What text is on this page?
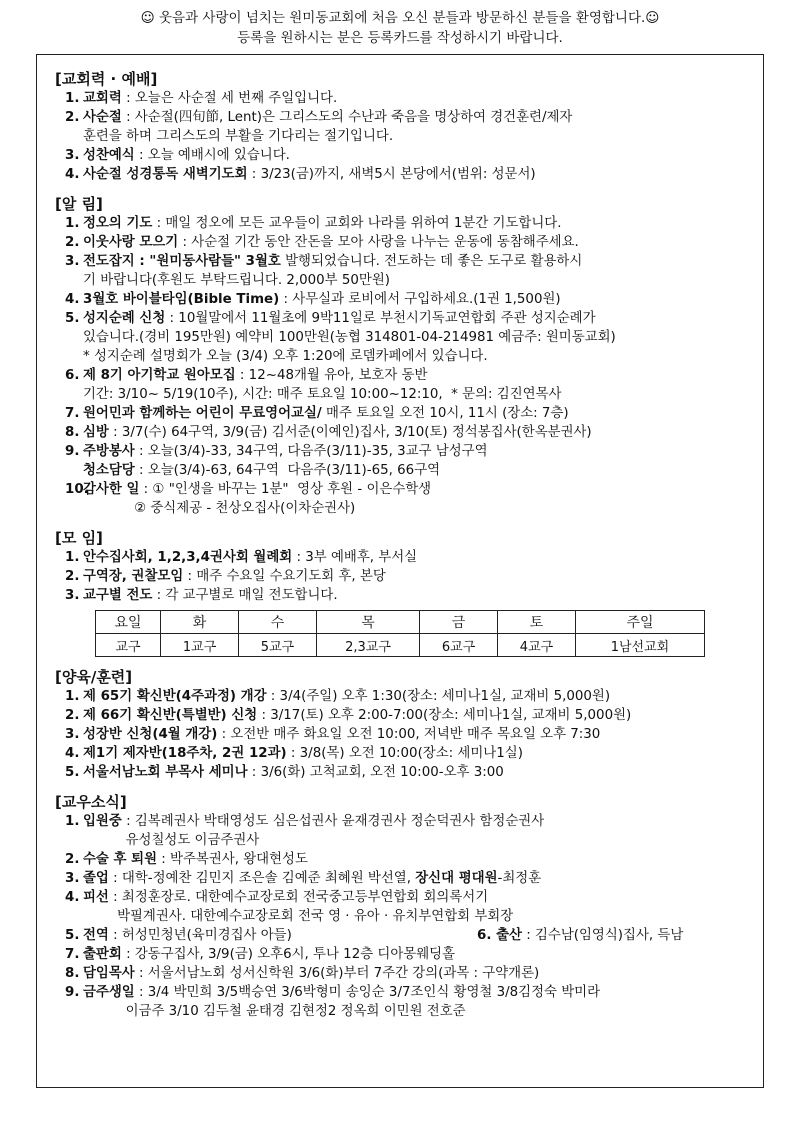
☺ 웃음과 사랑이 넘치는 원미동교회에 처음 오신 분들과 방문하신 분들을 환영합니다.☺
등록을 원하시는 분은 등록카드를 작성하시기 바랍니다.
[교회력 · 예배]
1. 교회력 : 오늘은 사순절 세 번째 주일입니다.
2. 사순절 : 사순절(四旬節, Lent)은 그리스도의 수난과 죽음을 명상하여 경건훈련/제자
훈련을 하며 그리스도의 부활을 기다리는 절기입니다.
3. 성찬예식 : 오늘 예배시에 있습니다.
4. 사순절 성경통독 새벽기도회 : 3/23(금)까지, 새벽5시 본당에서(범위: 성문서)
[알 림]
1. 정오의 기도 : 매일 정오에 모든 교우들이 교회와 나라를 위하여 1분간 기도합니다.
2. 이웃사랑 모으기 : 사순절 기간 동안 잔돈을 모아 사랑을 나누는 운동에 동참해주세요.
3. 전도잡지 : "원미동사람들" 3월호 발행되었습니다. 전도하는 데 좋은 도구로 활용하시
기 바랍니다(후원도 부탁드립니다. 2,000부 50만원)
4. 3월호 바이블타임(Bible Time) : 사무실과 로비에서 구입하세요.(1권 1,500원)
5. 성지순례 신청 : 10월말에서 11월초에 9박11일로 부천시기독교연합회 주관 성지순례가
있습니다.(경비 195만원) 예약비 100만원(농협 314801-04-214981 예금주: 원미동교회)
* 성지순례 설명회가 오늘 (3/4) 오후 1:20에 로뎀카페에서 있습니다.
6. 제 8기 아기학교 원아모집 : 12~48개월 유아, 보호자 동반
기간: 3/10~ 5/19(10주), 시간: 매주 토요일 10:00~12:10,  * 문의: 김진연목사
7. 원어민과 함께하는 어린이 무료영어교실/ 매주 토요일 오전 10시, 11시 (장소: 7층)
8. 심방 : 3/7(수) 64구역, 3/9(금) 김서준(이예인)집사, 3/10(토) 정석봉집사(한옥분권사)
9. 주방봉사 : 오늘(3/4)-33, 34구역, 다음주(3/11)-35, 3교구 남성구역
청소담당 : 오늘(3/4)-63, 64구역  다음주(3/11)-65, 66구역
10.
감사한 일 : ① "인생을 바꾸는 1분"  영상 후원 - 이은수학생
② 중식제공 - 천상오집사(이차순권사)
[모 임]
1. 안수집사회, 1,2,3,4권사회 월례회 : 3부 예배후, 부서실
2. 구역장, 권찰모임 : 매주 수요일 수요기도회 후, 본당
3. 교구별 전도 : 각 교구별로 매일 전도합니다.
요일	화	수	목	금	토	주일
교구	1교구	5교구	2,3교구	6교구	4교구	1남선교회
[양육/훈련]
1. 제 65기 확신반(4주과정) 개강 : 3/4(주일) 오후 1:30(장소: 세미나1실, 교재비 5,000원)
2. 제 66기 확신반(특별반) 신청 : 3/17(토) 오후 2:00-7:00(장소: 세미나1실, 교재비 5,000원)
3. 성장반 신청(4월 개강) : 오전반 매주 화요일 오전 10:00, 저녁반 매주 목요일 오후 7:30
4. 제1기 제자반(18주차, 2권 12과) : 3/8(목) 오전 10:00(장소: 세미나1실)
5. 서울서남노회 부목사 세미나 : 3/6(화) 고척교회, 오전 10:00-오후 3:00
[교우소식]
1. 입원중 : 김복례권사 박태영성도 심은섭권사 윤재경권사 정순덕권사 함정순권사
유성칠성도 이금주권사
2. 수술 후 퇴원 : 박주복권사, 왕대현성도
3. 졸업 : 대학-정예찬 김민지 조은솔 김예준 최혜원 박선열, 장신대 평대원-최정훈
4. 피선 : 최정훈장로. 대한예수교장로회 전국중고등부연합회 회의록서기
박필계권사. 대한예수교장로회 전국 영 · 유아 · 유치부연합회 부회장
5. 전역 : 허성민청년(육미경집사 아들)	6. 출산 : 김수남(임영식)집사, 득남
7. 출판회 : 강동구집사, 3/9(금) 오후6시, 투나 12층 디아몽웨딩홀
8. 담임목사 : 서울서남노회 성서신학원 3/6(화)부터 7주간 강의(과목 : 구약개론)
9. 금주생일 : 3/4 박민희 3/5백승연 3/6박형미 송잉순 3/7조인식 황영철 3/8김정숙 박미라
이금주 3/10 김두철 윤태경 김현정2 정옥희 이민원 전호준
